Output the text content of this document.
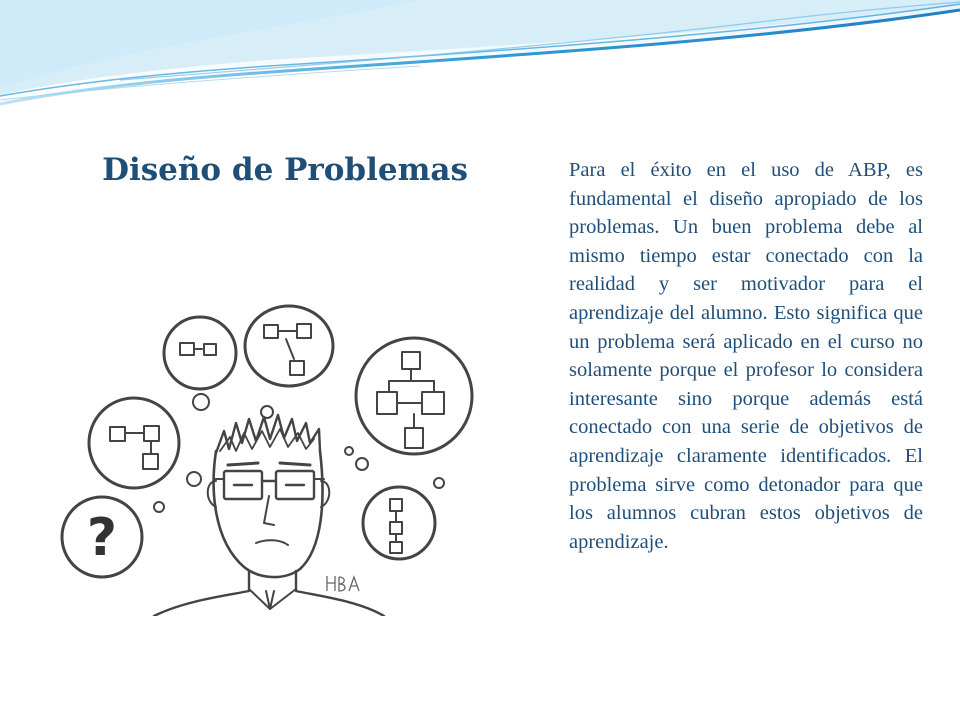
Diseño de Problemas	Para el éxito en el uso de ABP, es fundamental el diseño apropiado de los problemas. Un buen problema debe al mismo tiempo estar conectado con la realidad y ser motivador para el aprendizaje del alumno. Esto significa que un problema será aplicado en el curso no solamente porque el profesor lo considera interesante sino porque además está conectado con una serie de objetivos de aprendizaje claramente identificados. El problema sirve como detonador para que los alumnos cubran estos objetivos de aprendizaje.

?
